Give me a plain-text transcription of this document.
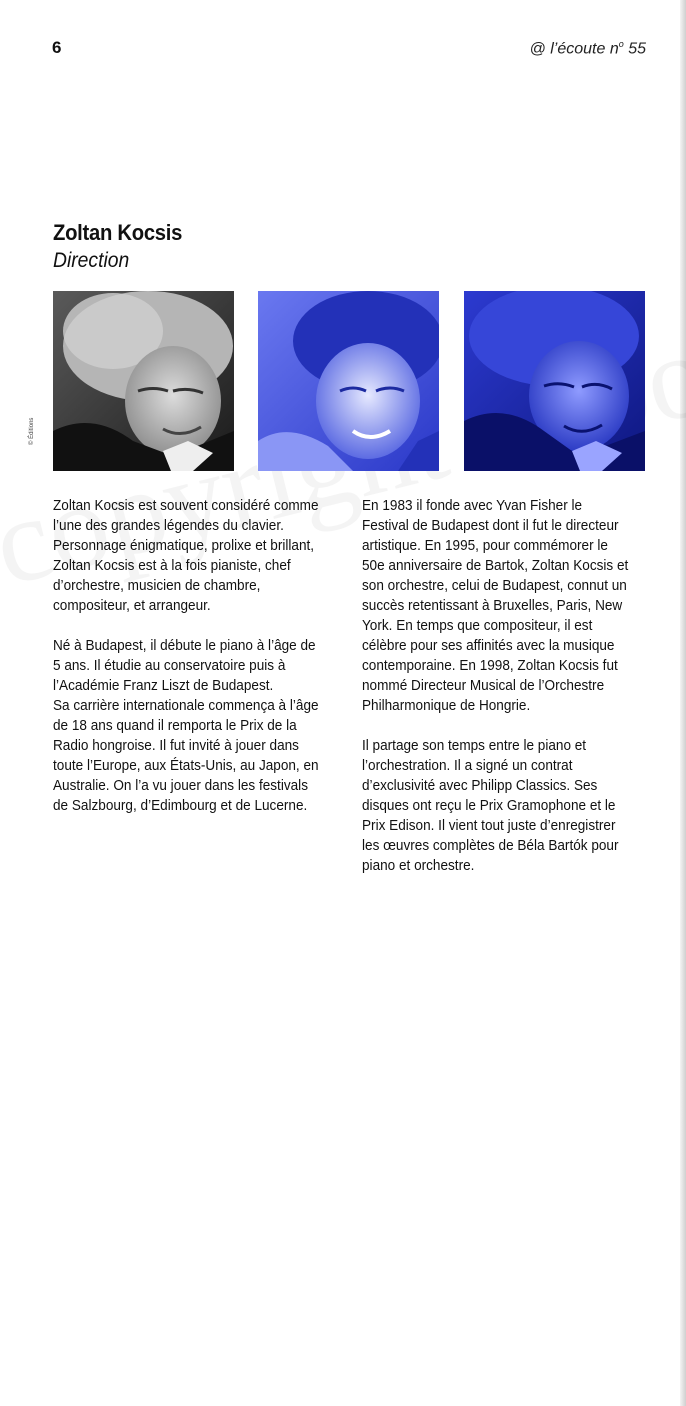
6	@ l’écoute $n^o$ 55
Zoltan Kocsis
Direction
© Éditions

Zoltan Kocsis est souvent considéré comme l’une des grandes légendes du clavier. Personnage énigmatique, prolixe et brillant, Zoltan Kocsis est à la fois pianiste, chef d’orchestre, musicien de chambre, compositeur, et arrangeur.

Né à Budapest, il débute le piano à l’âge de 5 ans. Il étudie au conservatoire puis à l’Académie Franz Liszt de Budapest.
Sa carrière internationale commença à l’âge de 18 ans quand il remporta le Prix de la Radio hongroise. Il fut invité à jouer dans toute l’Europe, aux États-Unis, au Japon, en Australie. On l’a vu jouer dans les festivals de Salzbourg, d’Edimbourg et de Lucerne.

En 1983 il fonde avec Yvan Fisher le Festival de Budapest dont il fut le directeur artistique. En 1995, pour commémorer le 50e anniversaire de Bartok, Zoltan Kocsis et son orchestre, celui de Budapest, connut un succès retentissant à Bruxelles, Paris, New York. En temps que compositeur, il est célèbre pour ses affinités avec la musique contemporaine. En 1998, Zoltan Kocsis fut nommé Directeur Musical de l’Orchestre Philharmonique de Hongrie.

Il partage son temps entre le piano et l’orchestration. Il a signé un contrat d’exclusivité avec Philipp Classics. Ses disques ont reçu le Prix Gramophone et le Prix Edison. Il vient tout juste d’enregistrer les œuvres complètes de Béla Bartók pour piano et orchestre.
